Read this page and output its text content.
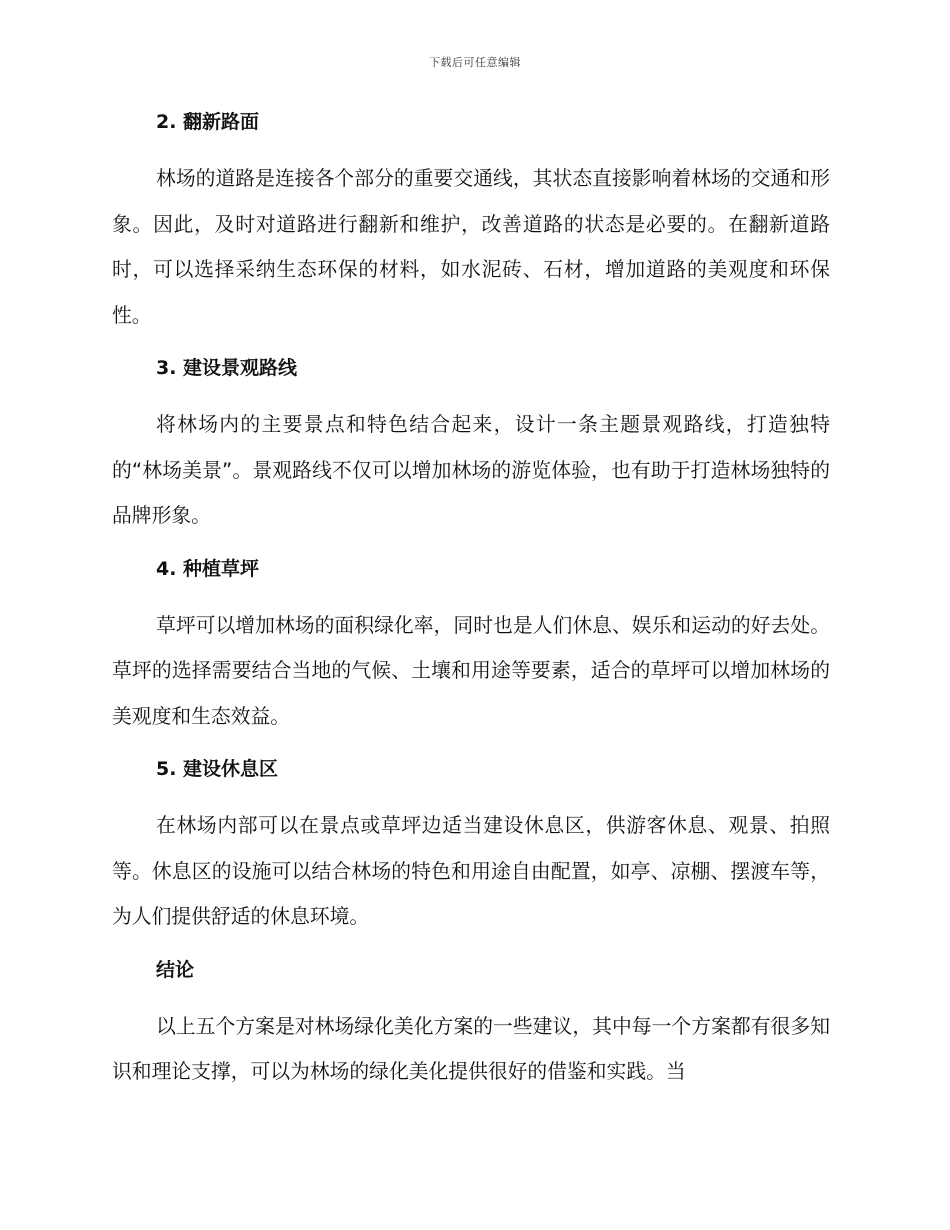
下载后可任意编辑
2. 翻新路面
林场的道路是连接各个部分的重要交通线，其状态直接影响着林场的交通和形象。因此，及时对道路进行翻新和维护，改善道路的状态是必要的。在翻新道路时，可以选择采纳生态环保的材料，如水泥砖、石材，增加道路的美观度和环保性。
3. 建设景观路线
将林场内的主要景点和特色结合起来，设计一条主题景观路线，打造独特的“林场美景”。景观路线不仅可以增加林场的游览体验，也有助于打造林场独特的品牌形象。
4. 种植草坪
草坪可以增加林场的面积绿化率，同时也是人们休息、娱乐和运动的好去处。草坪的选择需要结合当地的气候、土壤和用途等要素，适合的草坪可以增加林场的美观度和生态效益。
5. 建设休息区
在林场内部可以在景点或草坪边适当建设休息区，供游客休息、观景、拍照等。休息区的设施可以结合林场的特色和用途自由配置，如亭、凉棚、摆渡车等，为人们提供舒适的休息环境。
结论
以上五个方案是对林场绿化美化方案的一些建议，其中每一个方案都有很多知识和理论支撑，可以为林场的绿化美化提供很好的借鉴和实践。当
